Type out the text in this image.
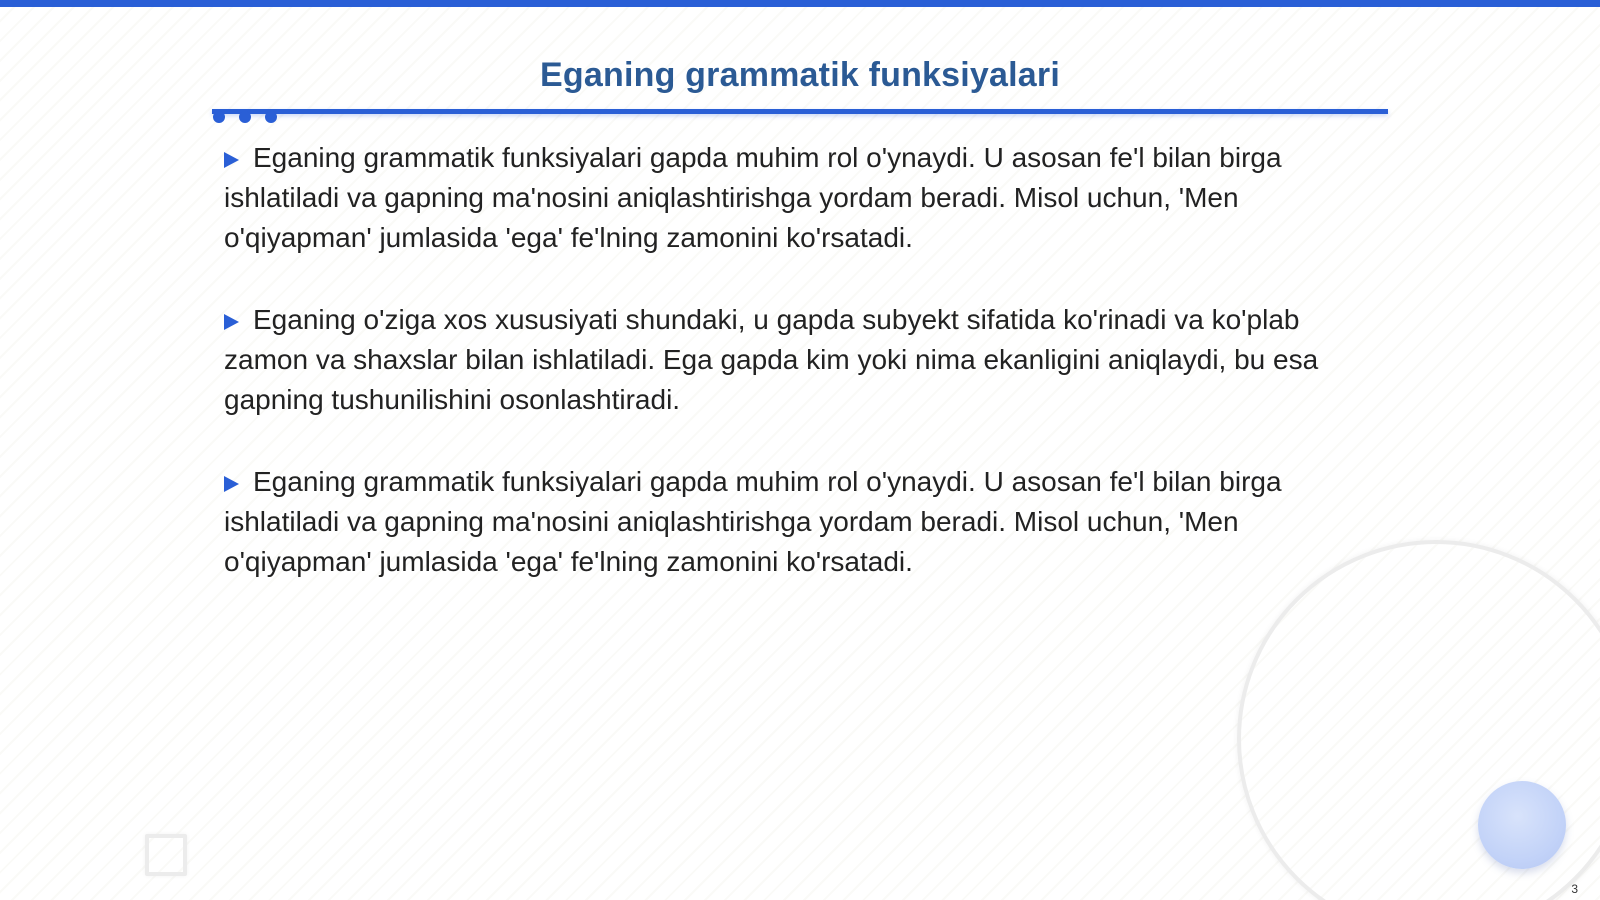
Eganing grammatik funksiyalari

Eganing grammatik funksiyalari gapda muhim rol o'ynaydi. U asosan fe'l bilan birga ishlatiladi va gapning ma'nosini aniqlashtirishga yordam beradi. Misol uchun, 'Men o'qiyapman' jumlasida 'ega' fe'lning zamonini ko'rsatadi.

Eganing o'ziga xos xususiyati shundaki, u gapda subyekt sifatida ko'rinadi va ko'plab zamon va shaxslar bilan ishlatiladi. Ega gapda kim yoki nima ekanligini aniqlaydi, bu esa gapning tushunilishini osonlashtiradi.

Eganing grammatik funksiyalari gapda muhim rol o'ynaydi. U asosan fe'l bilan birga ishlatiladi va gapning ma'nosini aniqlashtirishga yordam beradi. Misol uchun, 'Men o'qiyapman' jumlasida 'ega' fe'lning zamonini ko'rsatadi.

3
